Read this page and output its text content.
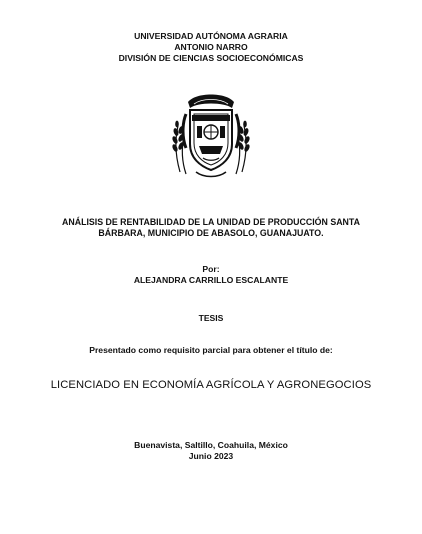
UNIVERSIDAD AUTÓNOMA AGRARIA
ANTONIO NARRO
DIVISIÓN DE CIENCIAS SOCIOECONÓMICAS
ANÁLISIS DE RENTABILIDAD DE LA UNIDAD DE PRODUCCIÓN SANTA
BÁRBARA, MUNICIPIO DE ABASOLO, GUANAJUATO.
Por:
ALEJANDRA CARRILLO ESCALANTE
TESIS
Presentado como requisito parcial para obtener el título de:
LICENCIADO EN ECONOMÍA AGRÍCOLA Y AGRONEGOCIOS
Buenavista, Saltillo, Coahuila, México
Junio 2023
